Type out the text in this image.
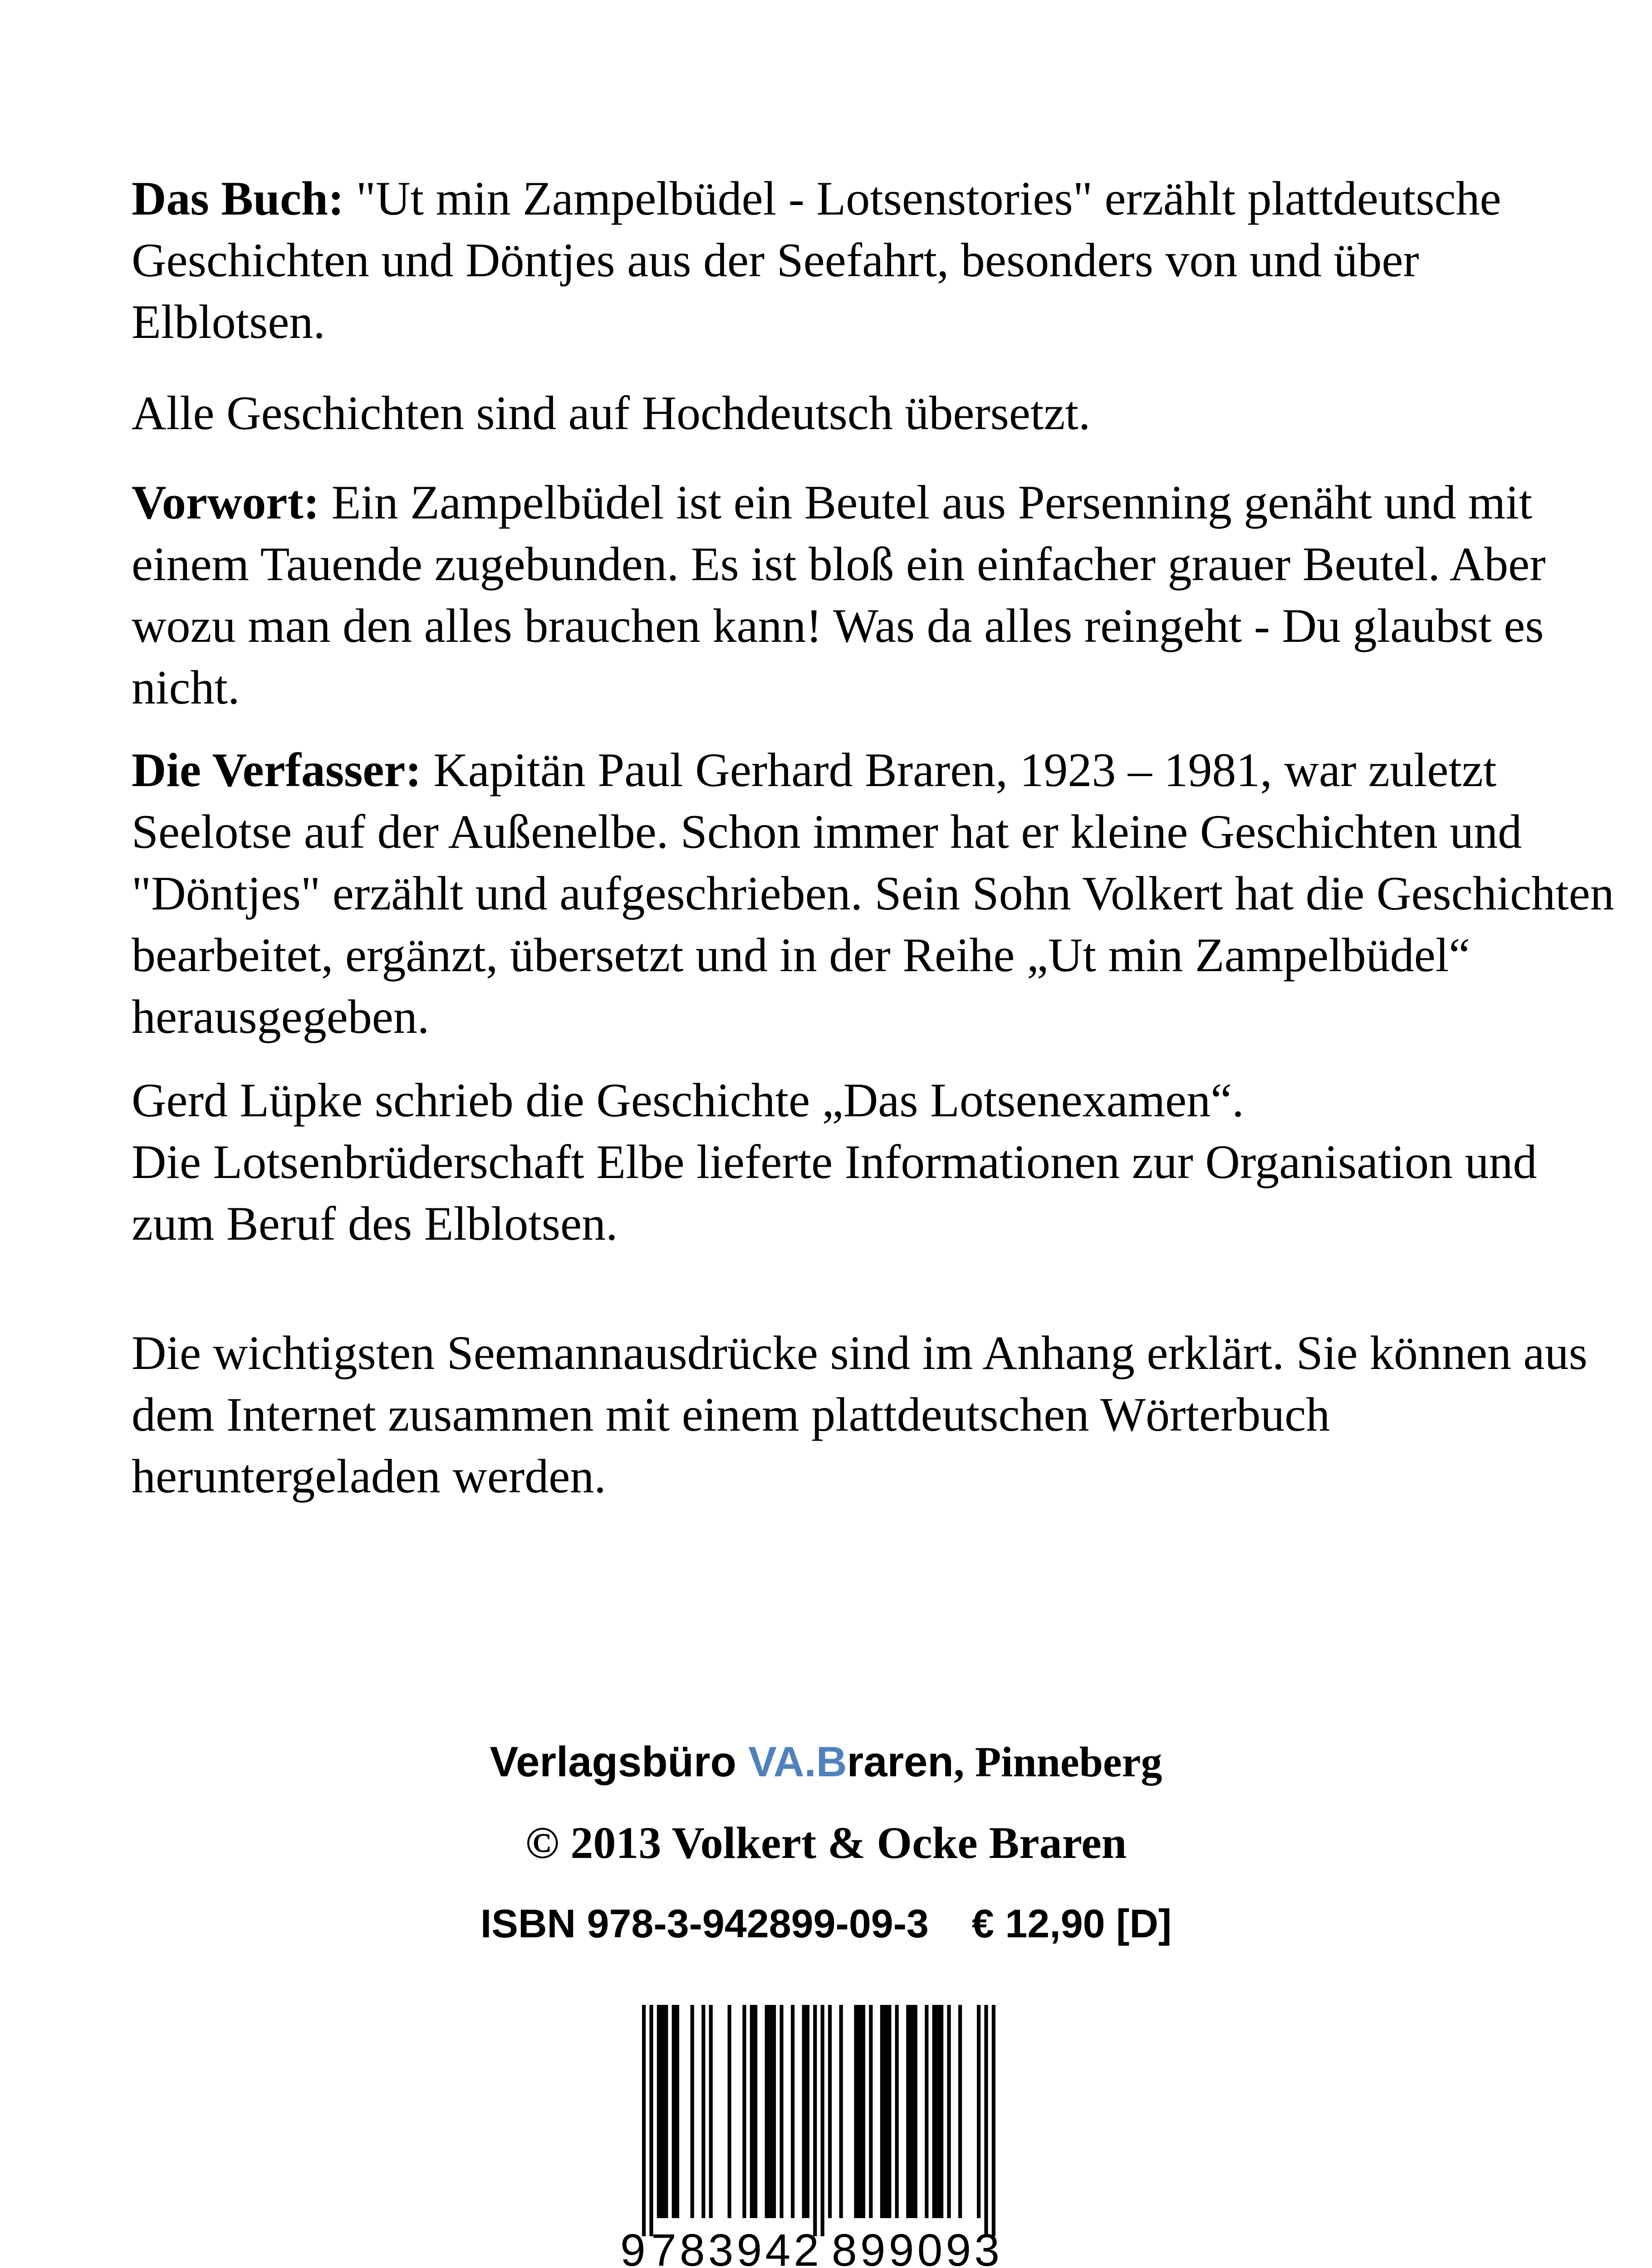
Das Buch: "Ut min Zampelbüdel - Lotsenstories" erzählt plattdeutsche Geschichten und Döntjes aus der Seefahrt, besonders von und über Elblotsen.

Alle Geschichten sind auf Hochdeutsch übersetzt.

Vorwort: Ein Zampelbüdel ist ein Beutel aus Persenning genäht und mit einem Tauende zugebunden. Es ist bloß ein einfacher grauer Beutel. Aber wozu man den alles brauchen kann! Was da alles reingeht - Du glaubst es nicht.

Die Verfasser: Kapitän Paul Gerhard Braren, 1923 – 1981, war zuletzt Seelotse auf der Außenelbe. Schon immer hat er kleine Geschichten und "Döntjes" erzählt und aufgeschrieben. Sein Sohn Volkert hat die Geschichten bearbeitet, ergänzt, übersetzt und in der Reihe „Ut min Zampelbüdel“ herausgegeben.

Gerd Lüpke schrieb die Geschichte „Das Lotsenexamen“.
Die Lotsenbrüderschaft Elbe lieferte Informationen zur Organisation und zum Beruf des Elblotsen.

Die wichtigsten Seemannausdrücke sind im Anhang erklärt. Sie können aus dem Internet zusammen mit einem plattdeutschen Wörterbuch heruntergeladen werden.

Verlagsbüro VA.Braren, Pinneberg

© 2013 Volkert & Ocke Braren

ISBN 978-3-942899-09-3 € 12,90 [D]

9 783942 899093
